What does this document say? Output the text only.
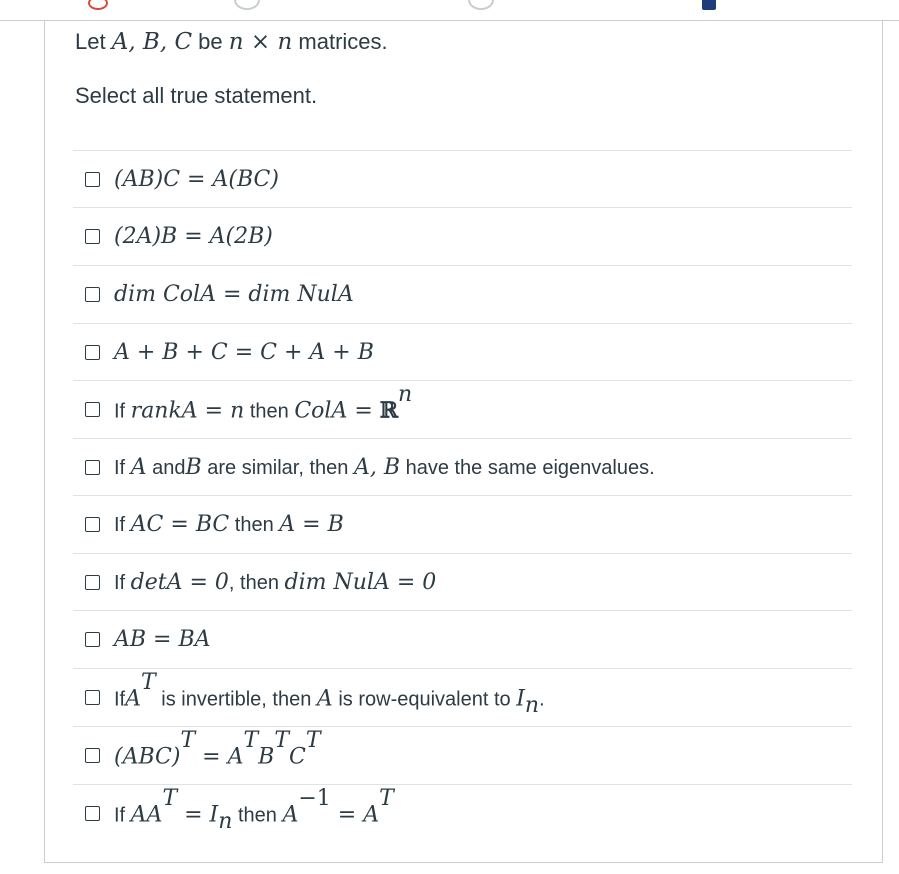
Let A, B, C be n × n matrices.
Select all true statement.
(AB)C = A(BC)
(2A)B = A(2B)
dim ColA = dim NulA
A + B + C = C + A + B
If rankA = n then ColA = ℝ$^n$
If A andB are similar, then A, B have the same eigenvalues.
If AC = BC then A = B
If detA = 0, then dim NulA = 0
AB = BA
IfA$^T$ is invertible, then A is row-equivalent to $I_n$.
$(ABC)^T = A^TB^TC^T$
If $AA^T = I_n$ then $A^{-1} = A^T$
